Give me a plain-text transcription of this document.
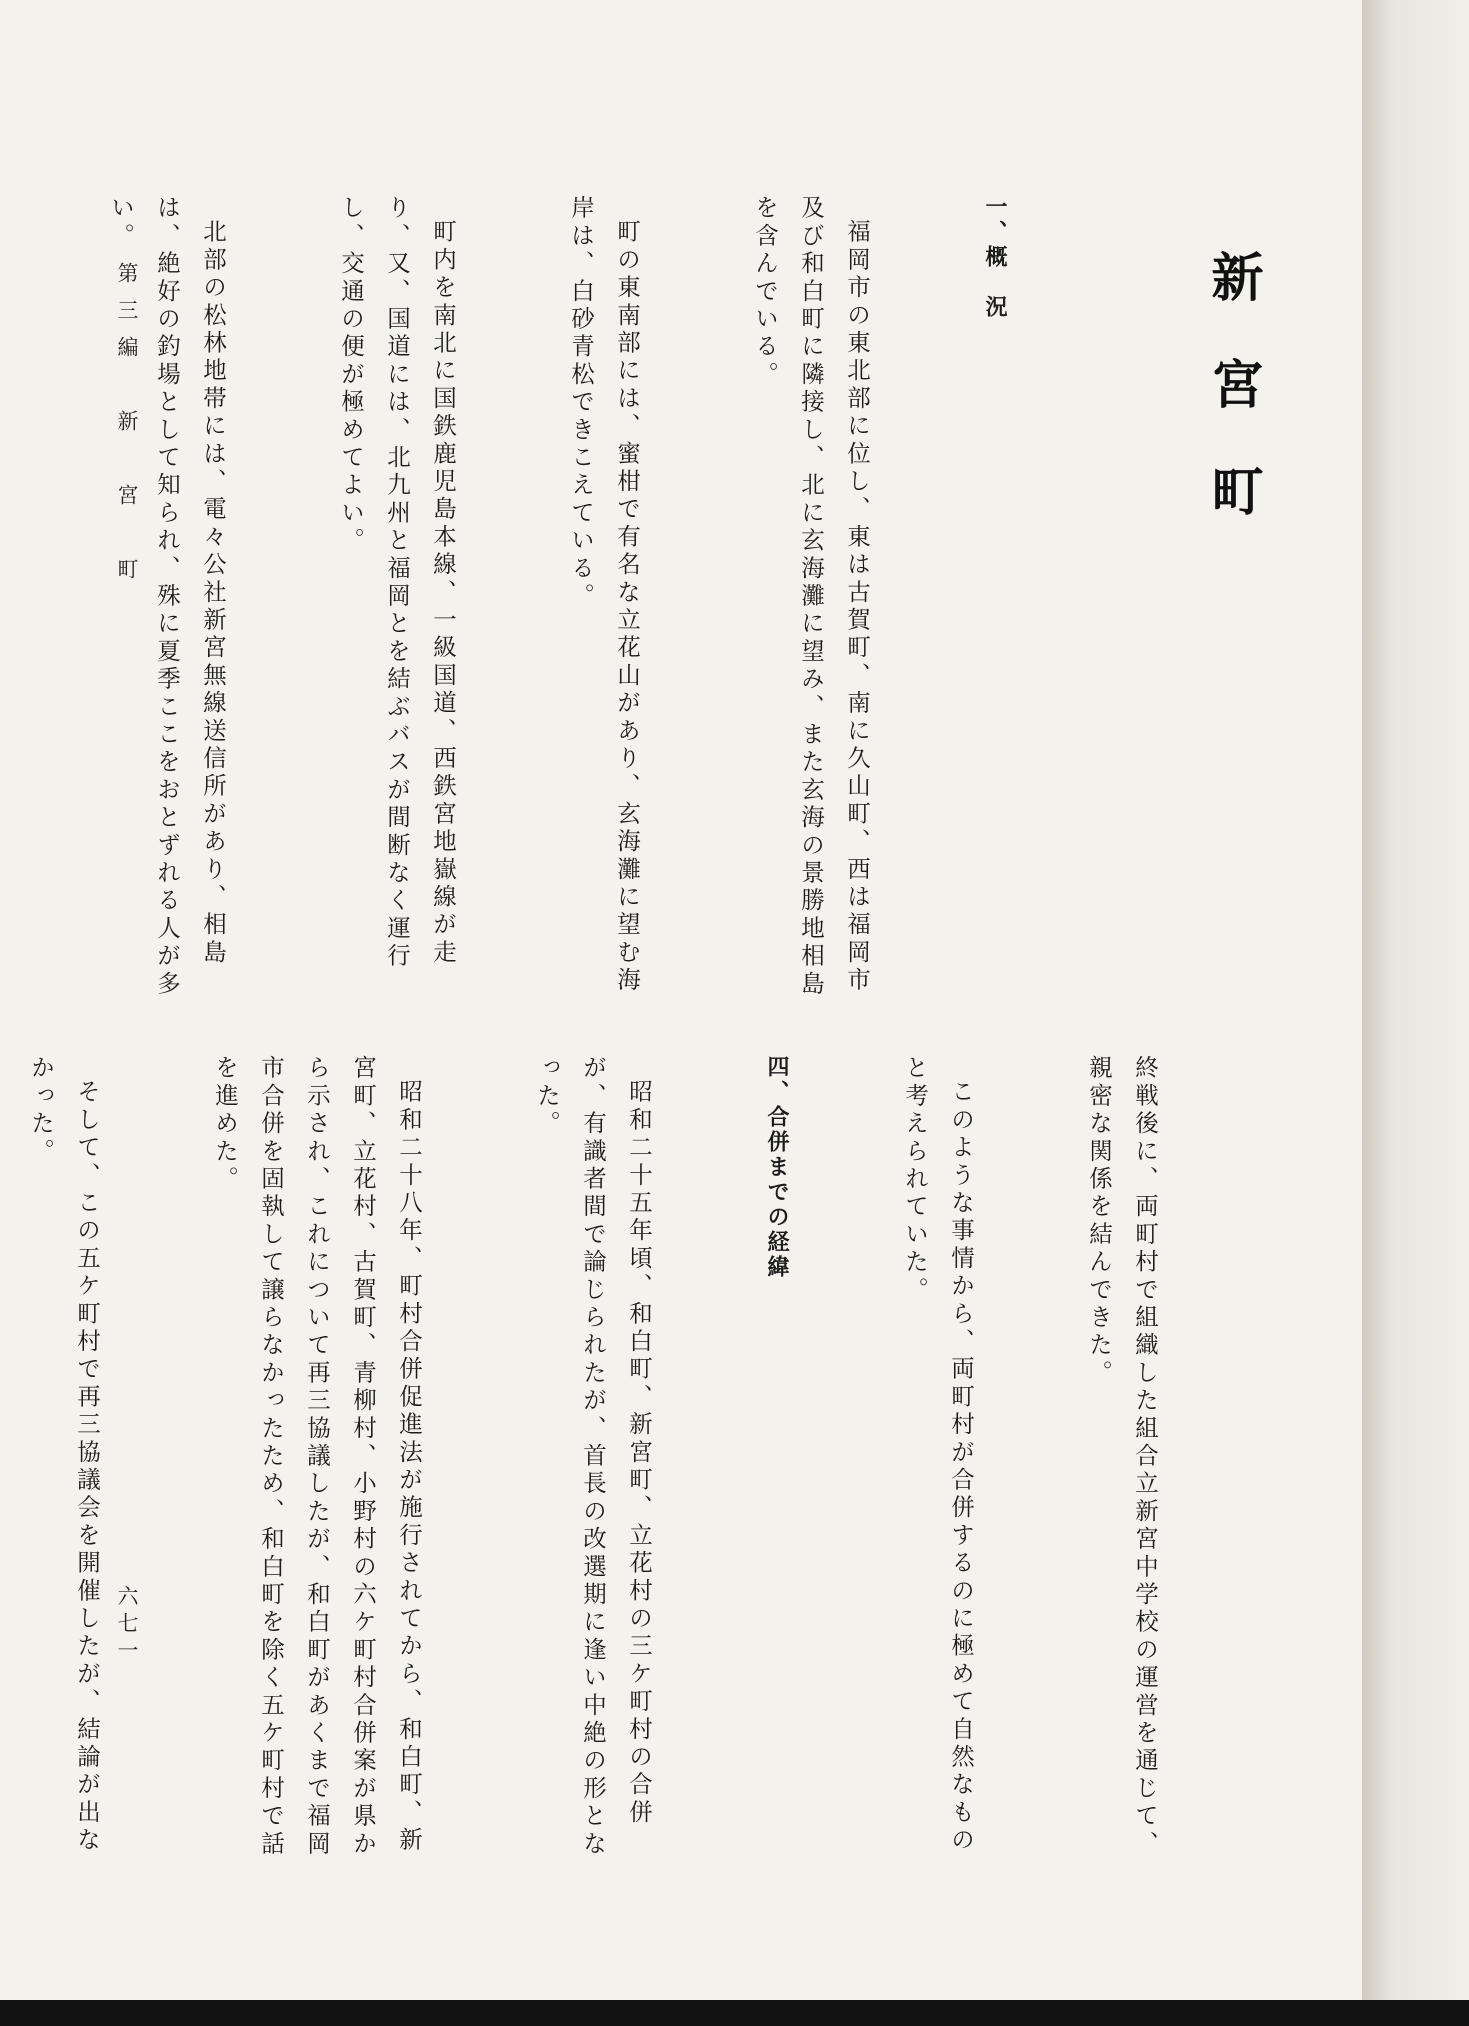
新宮町

一、概　況

福岡市の東北部に位し、東は古賀町、南に久山町、西は福岡市及び和白町に隣接し、北に玄海灘に望み、また玄海の景勝地相島を含んでいる。

町の東南部には、蜜柑で有名な立花山があり、玄海灘に望む海岸は、白砂青松できこえている。

町内を南北に国鉄鹿児島本線、一級国道、西鉄宮地嶽線が走り、又、国道には、北九州と福岡とを結ぶバスが間断なく運行し、交通の便が極めてよい。

北部の松林地帯には、電々公社新宮無線送信所があり、相島は、絶好の釣場として知られ、殊に夏季ここをおとずれる人が多い。

終戦後に、両町村で組織した組合立新宮中学校の運営を通じて、親密な関係を結んできた。

このような事情から、両町村が合併するのに極めて自然なものと考えられていた。

四、合併までの経緯

昭和二十五年頃、和白町、新宮町、立花村の三ケ町村の合併が、有識者間で論じられたが、首長の改選期に逢い中絶の形となった。

昭和二十八年、町村合併促進法が施行されてから、和白町、新宮町、立花村、古賀町、青柳村、小野村の六ケ町村合併案が県から示され、これについて再三協議したが、和白町があくまで福岡市合併を固執して譲らなかったため、和白町を除く五ケ町村で話を進めた。

そして、この五ケ町村で再三協議会を開催したが、結論が出なかった。

第三編　新　宮　町
六七一
